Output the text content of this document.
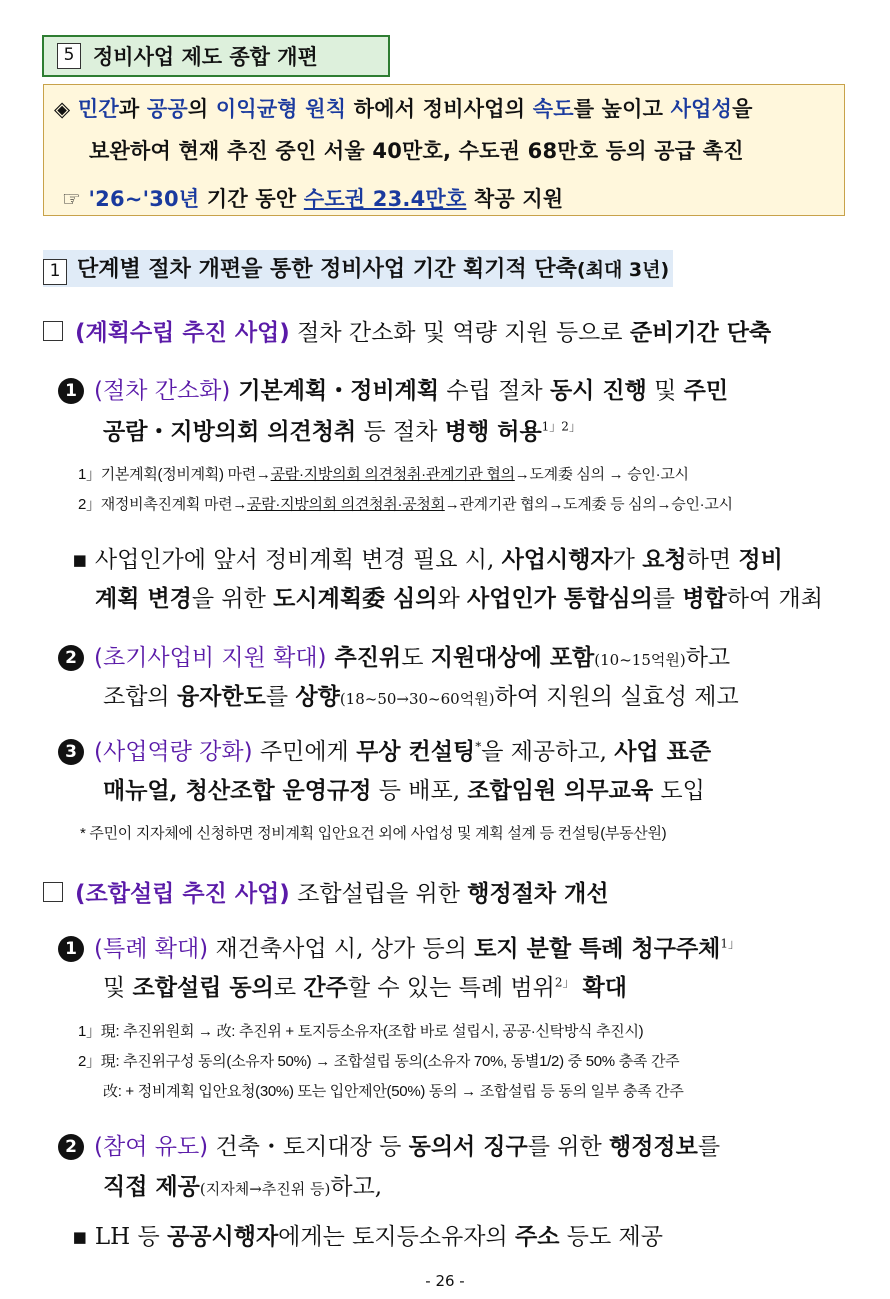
5 정비사업 제도 종합 개편
◈ 민간과 공공의 이익균형 원칙 하에서 정비사업의 속도를 높이고 사업성을
보완하여 현재 추진 중인 서울 40만호, 수도권 68만호 등의 공급 촉진
☞ '26∼'30년 기간 동안 수도권 23.4만호 착공 지원
1 단계별 절차 개편을 통한 정비사업 기간 획기적 단축(최대 3년)
(계획수립 추진 사업) 절차 간소화 및 역량 지원 등으로 준비기간 단축
1 (절차 간소화) 기본계획・정비계획 수립 절차 동시 진행 및 주민
공람・지방의회 의견청취 등 절차 병행 허용$^{1」2」}$
1」기본계획(정비계획) 마련→공람·지방의회 의견청취·관계기관 협의→도계委 심의 → 승인·고시
2」재정비촉진계획 마련→공람·지방의회 의견청취·공청회→관계기관 협의→도계委 등 심의→승인·고시
▪ 사업인가에 앞서 정비계획 변경 필요 시, 사업시행자가 요청하면 정비
계획 변경을 위한 도시계획委 심의와 사업인가 통합심의를 병합하여 개최
2 (초기사업비 지원 확대) 추진위도 지원대상에 포함(10~15억원)하고
조합의 융자한도를 상향(18~50→30~60억원)하여 지원의 실효성 제고
3 (사업역량 강화) 주민에게 무상 컨설팅*을 제공하고, 사업 표준
매뉴얼, 청산조합 운영규정 등 배포, 조합임원 의무교육 도입
* 주민이 지자체에 신청하면 정비계획 입안요건 외에 사업성 및 계획 설계 등 컨설팅(부동산원)
(조합설립 추진 사업) 조합설립을 위한 행정절차 개선
1 (특례 확대) 재건축사업 시, 상가 등의 토지 분할 특례 청구주체$^{1」}$
및 조합설립 동의로 간주할 수 있는 특례 범위$^{2」}$ 확대
1」現: 추진위원회 → 改: 추진위 + 토지등소유자(조합 바로 설립시, 공공·신탁방식 추진시)
2」現: 추진위구성 동의(소유자 50%) → 조합설립 동의(소유자 70%, 동별1/2) 중 50% 충족 간주
改: + 정비계획 입안요청(30%) 또는 입안제안(50%) 동의 → 조합설립 등 동의 일부 충족 간주
2 (참여 유도) 건축・토지대장 등 동의서 징구를 위한 행정정보를
직접 제공(지자체→추진위 등)하고,
▪ LH 등 공공시행자에게는 토지등소유자의 주소 등도 제공
- 26 -
